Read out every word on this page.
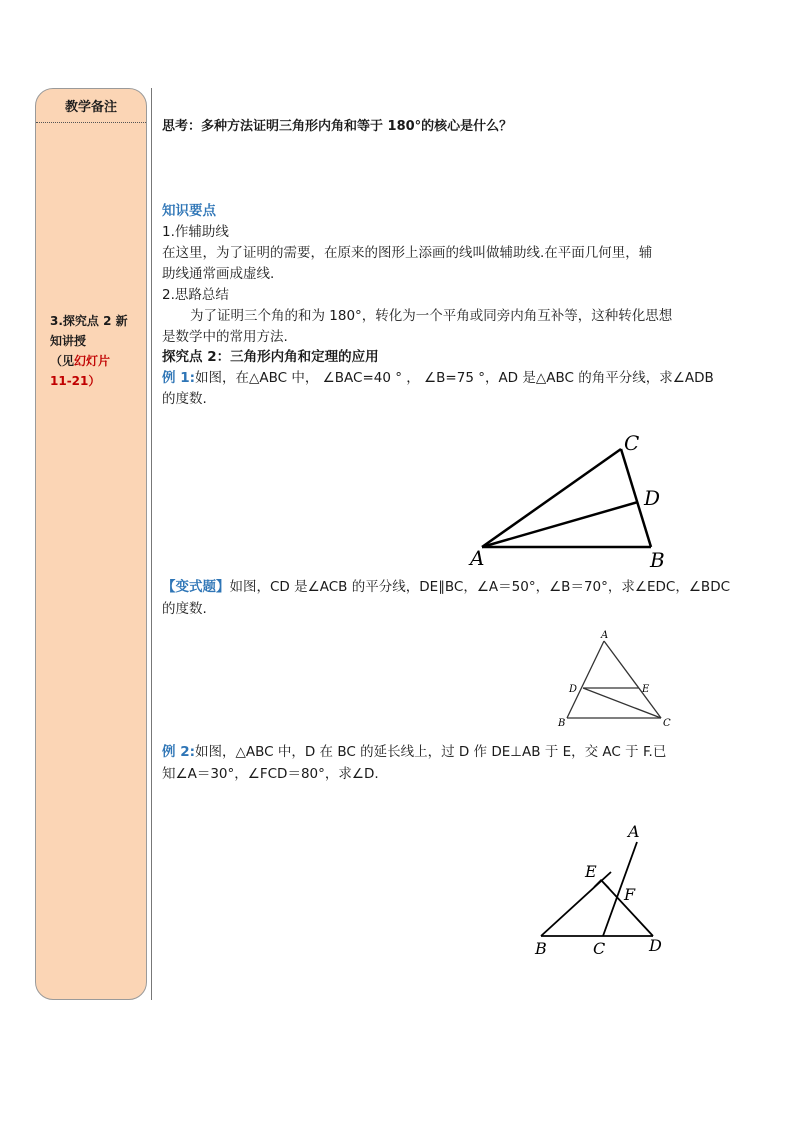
教学备注
3.探究点 2 新
知讲授
（见幻灯片
11-21）
思考：多种方法证明三角形内角和等于 180°的核心是什么？
知识要点
1.作辅助线
在这里，为了证明的需要，在原来的图形上添画的线叫做辅助线.在平面几何里，辅
助线通常画成虚线.
2.思路总结
为了证明三个角的和为 180°，转化为一个平角或同旁内角互补等，这种转化思想
是数学中的常用方法.
探究点 2：三角形内角和定理的应用
例 1:如图，在△ABC 中， ∠BAC=40 ° ， ∠B=75 °，AD 是△ABC 的角平分线，求∠ADB
的度数.
【变式题】如图，CD 是∠ACB 的平分线，DE∥BC，∠A＝50°，∠B＝70°，求∠EDC，∠BDC
的度数.
例 2:如图，△ABC 中，D 在 BC 的延长线上，过 D 作 DE⊥AB 于 E，交 AC 于 F.已
知∠A＝30°，∠FCD＝80°，求∠D.
A	B
C
D
A
B	C
D	E
A
B	C	D
E
F
